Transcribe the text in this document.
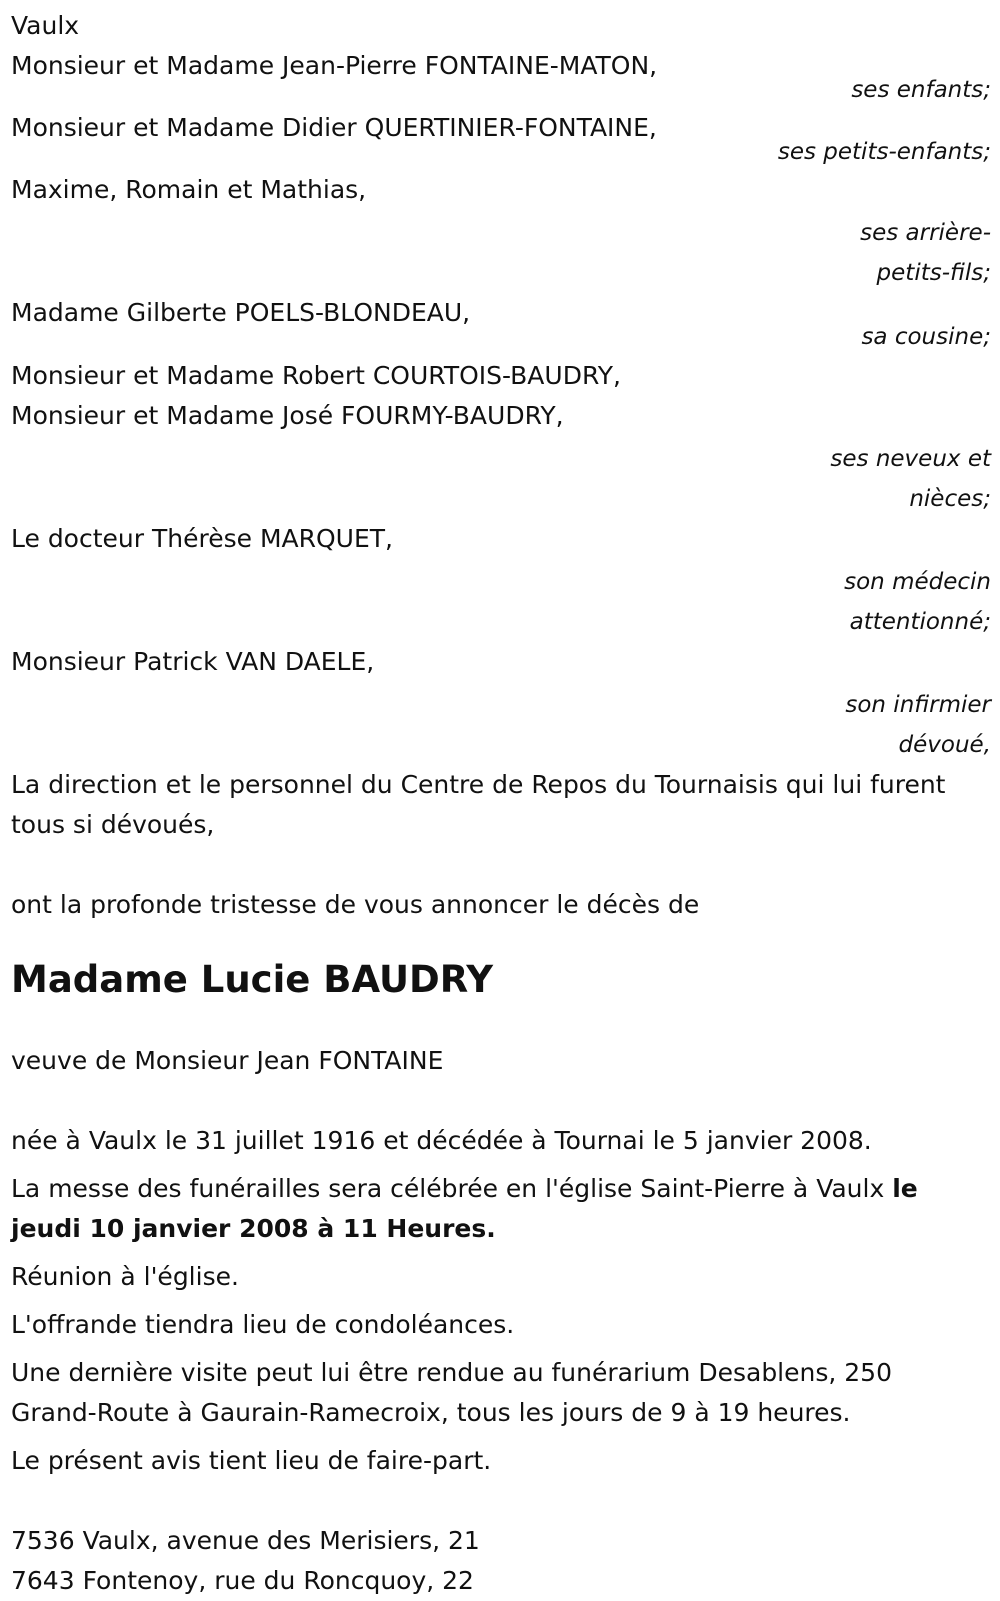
Vaulx
Monsieur et Madame Jean-Pierre FONTAINE-MATON,
ses enfants;
Monsieur et Madame Didier QUERTINIER-FONTAINE,
ses petits-enfants;
Maxime, Romain et Mathias,
ses arrière-
petits-fils;
Madame Gilberte POELS-BLONDEAU,
sa cousine;
Monsieur et Madame Robert COURTOIS-BAUDRY,
Monsieur et Madame José FOURMY-BAUDRY,
ses neveux et
nièces;
Le docteur Thérèse MARQUET,
son médecin
attentionné;
Monsieur Patrick VAN DAELE,
son infirmier
dévoué,
La direction et le personnel du Centre de Repos du Tournaisis qui lui furent tous si dévoués,
ont la profonde tristesse de vous annoncer le décès de
Madame Lucie BAUDRY
veuve de Monsieur Jean FONTAINE
née à Vaulx le 31 juillet 1916 et décédée à Tournai le 5 janvier 2008.
La messe des funérailles sera célébrée en l'église Saint-Pierre à Vaulx le jeudi 10 janvier 2008 à 11 Heures.
Réunion à l'église.
L'offrande tiendra lieu de condoléances.
Une dernière visite peut lui être rendue au funérarium Desablens, 250 Grand-Route à Gaurain-Ramecroix, tous les jours de 9 à 19 heures.
Le présent avis tient lieu de faire-part.
7536 Vaulx, avenue des Merisiers, 21
7643 Fontenoy, rue du Roncquoy, 22
